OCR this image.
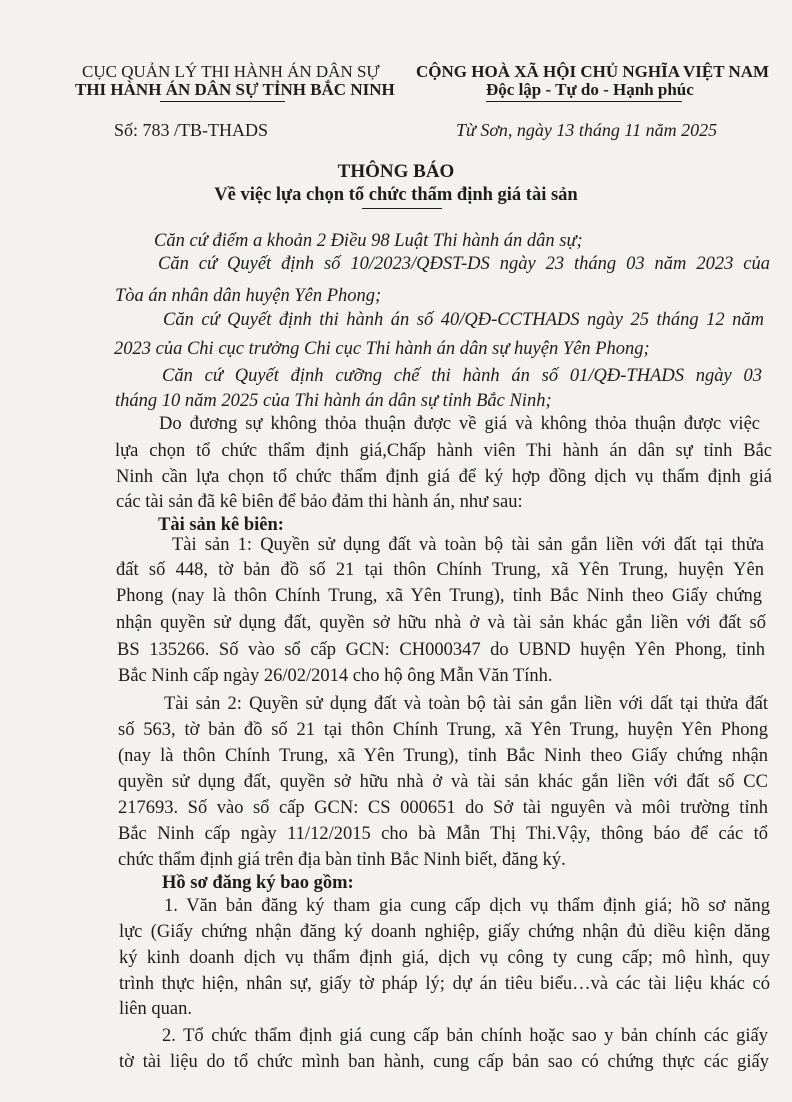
CỤC QUẢN LÝ THI HÀNH ÁN DÂN SỰ
THI HÀNH ÁN DÂN SỰ TỈNH BẮC NINH
CỘNG HOÀ XÃ HỘI CHỦ NGHĨA VIỆT NAM
Độc lập - Tự do - Hạnh phúc
Số: 783 /TB-THADS	Từ Sơn, ngày 13 tháng 11 năm 2025
THÔNG BÁO
Về việc lựa chọn tổ chức thẩm định giá tài sản
Căn cứ điểm a khoản 2 Điều 98 Luật Thi hành án dân sự;
Căn cứ Quyết định số 10/2023/QĐST-DS ngày 23 tháng 03 năm 2023 của
Tòa án nhân dân huyện Yên Phong;
Căn cứ Quyết định thi hành án số 40/QĐ-CCTHADS ngày 25 tháng 12 năm
2023 của Chi cục trưởng Chi cục Thi hành án dân sự huyện Yên Phong;
Căn cứ Quyết định cưỡng chế thi hành án số 01/QĐ-THADS ngày 03
tháng 10 năm 2025 của Thi hành án dân sự tỉnh Bắc Ninh;
Do đương sự không thỏa thuận được về giá và không thỏa thuận được việc
lựa chọn tổ chức thẩm định giá,Chấp hành viên Thi hành án dân sự tỉnh Bắc
Ninh cần lựa chọn tổ chức thẩm định giá để ký hợp đồng dịch vụ thẩm định giá
các tài sản đã kê biên để bảo đảm thi hành án, như sau:
Tài sản kê biên:
Tài sản 1: Quyền sử dụng đất và toàn bộ tài sản gắn liền với đất tại thửa
đất số 448, tờ bản đồ số 21 tại thôn Chính Trung, xã Yên Trung, huyện Yên
Phong (nay là thôn Chính Trung, xã Yên Trung), tỉnh Bắc Ninh theo Giấy chứng
nhận quyền sử dụng đất, quyền sở hữu nhà ở và tài sản khác gắn liền với đất số
BS 135266. Số vào sổ cấp GCN: CH000347 do UBND huyện Yên Phong, tỉnh
Bắc Ninh cấp ngày 26/02/2014 cho hộ ông Mẫn Văn Tính.
Tài sản 2: Quyền sử dụng đất và toàn bộ tài sản gắn liền với dất tại thửa đất
số 563, tờ bản đồ số 21 tại thôn Chính Trung, xã Yên Trung, huyện Yên Phong
(nay là thôn Chính Trung, xã Yên Trung), tỉnh Bắc Ninh theo Giấy chứng nhận
quyền sử dụng đất, quyền sở hữu nhà ở và tài sản khác gắn liền với đất số CC
217693. Số vào sổ cấp GCN: CS 000651 do Sở tài nguyên và môi trường tỉnh
Bắc Ninh cấp ngày 11/12/2015 cho bà Mẫn Thị Thi.Vậy, thông báo để các tổ
chức thẩm định giá trên địa bàn tỉnh Bắc Ninh biết, đăng ký.
Hồ sơ đăng ký bao gồm:
1. Văn bản đăng ký tham gia cung cấp dịch vụ thẩm định giá; hồ sơ năng
lực (Giấy chứng nhận đăng ký doanh nghiệp, giấy chứng nhận đủ diều kiện dăng
ký kinh doanh dịch vụ thẩm định giá, dịch vụ công ty cung cấp; mô hình, quy
trình thực hiện, nhân sự, giấy tờ pháp lý; dự án tiêu biểu…và các tài liệu khác có
liên quan.
2. Tổ chức thẩm định giá cung cấp bản chính hoặc sao y bản chính các giấy
tờ tài liệu do tổ chức mình ban hành, cung cấp bản sao có chứng thực các giấy
